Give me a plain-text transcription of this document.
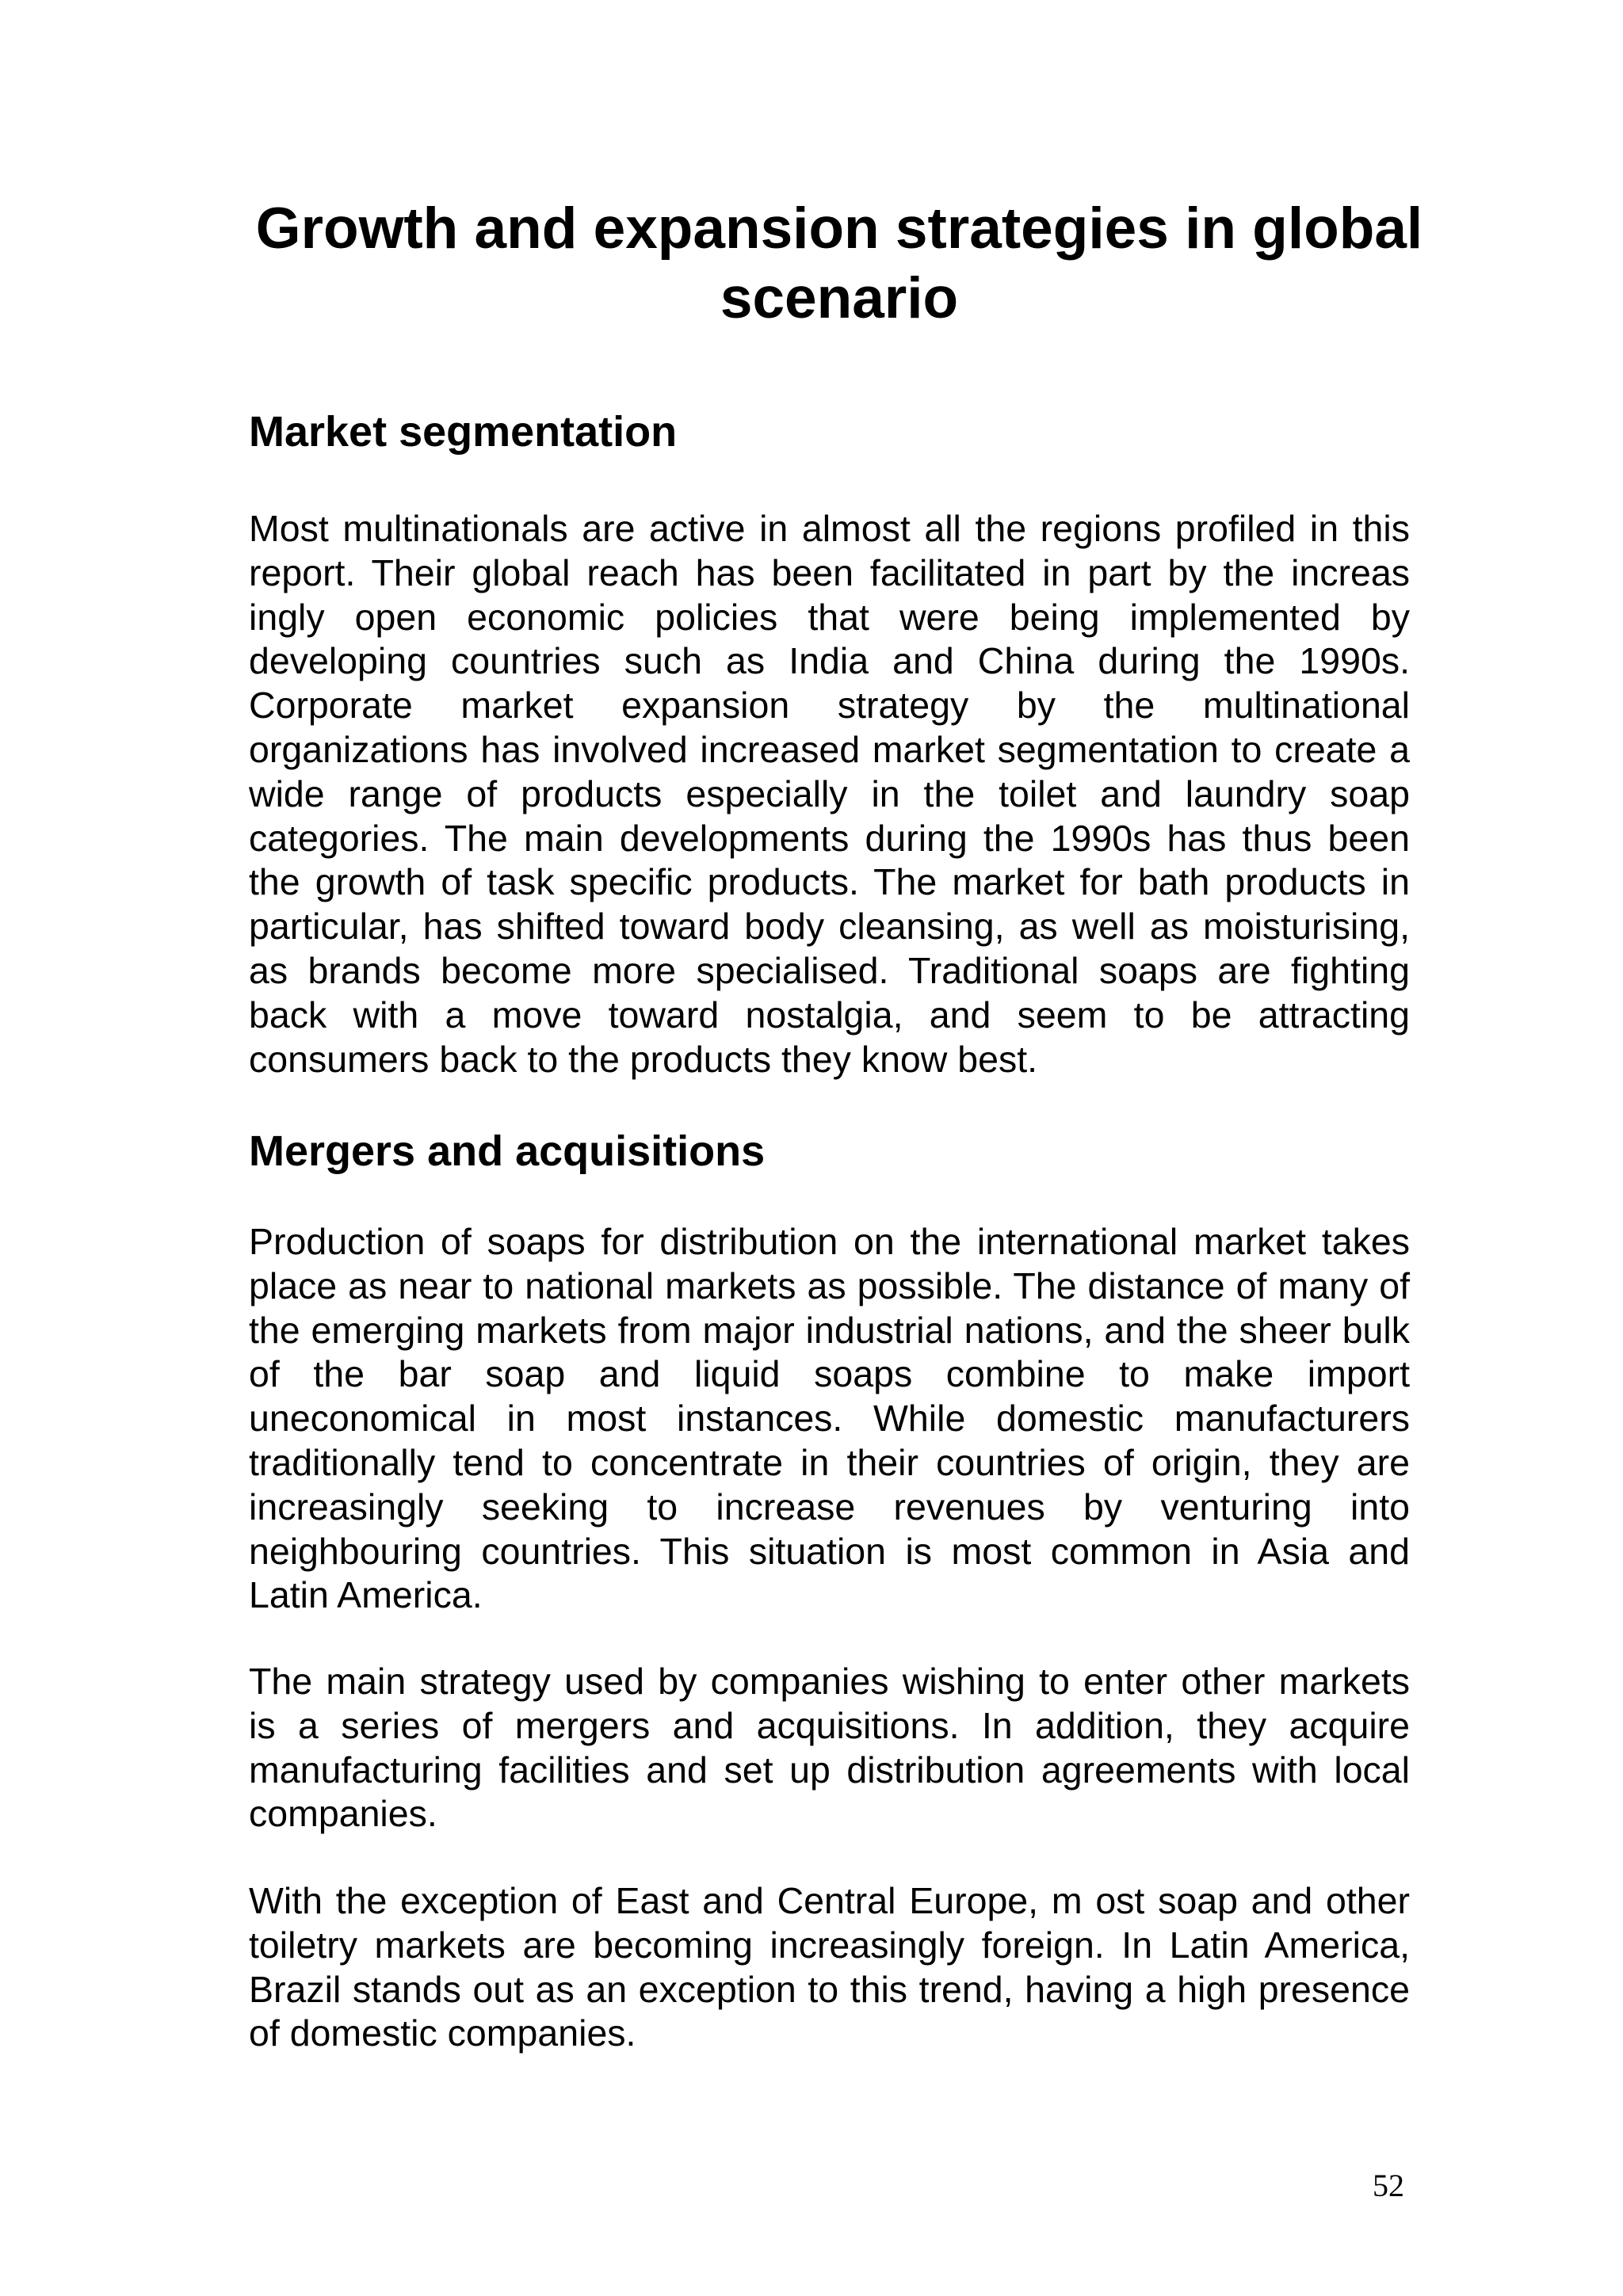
Growth and expansion strategies in global scenario
Market segmentation

Most multinationals are active in almost all the regions profiled in this report. Their global reach has been facilitated in part by the increas ingly open economic policies that were being implemented by developing countries such as India and China during the 1990s. Corporate market expansion strategy by the multinational organizations has involved increased market segmentation to create a wide range of products especially in the toilet and laundry soap categories. The main developments during the 1990s has thus been the growth of task specific products. The market for bath products in particular, has shifted toward body cleansing, as well as moisturising, as brands become more specialised. Traditional soaps are fighting back with a move toward nostalgia, and seem to be attracting consumers back to the products they know best.

Mergers and acquisitions

Production of soaps for distribution on the international market takes place as near to national markets as possible. The distance of many of the emerging markets from major industrial nations, and the sheer bulk of the bar soap and liquid soaps combine to make import uneconomical in most instances. While domestic manufacturers traditionally tend to concentrate in their countries of origin, they are increasingly seeking to increase revenues by venturing into neighbouring countries. This situation is most common in Asia and Latin America.

The main strategy used by companies wishing to enter other markets is a series of mergers and acquisitions. In addition, they acquire manufacturing facilities and set up distribution agreements with local companies.

With the exception of East and Central Europe, m ost soap and other toiletry markets are becoming increasingly foreign. In Latin America, Brazil stands out as an exception to this trend, having a high presence of domestic companies.

52
